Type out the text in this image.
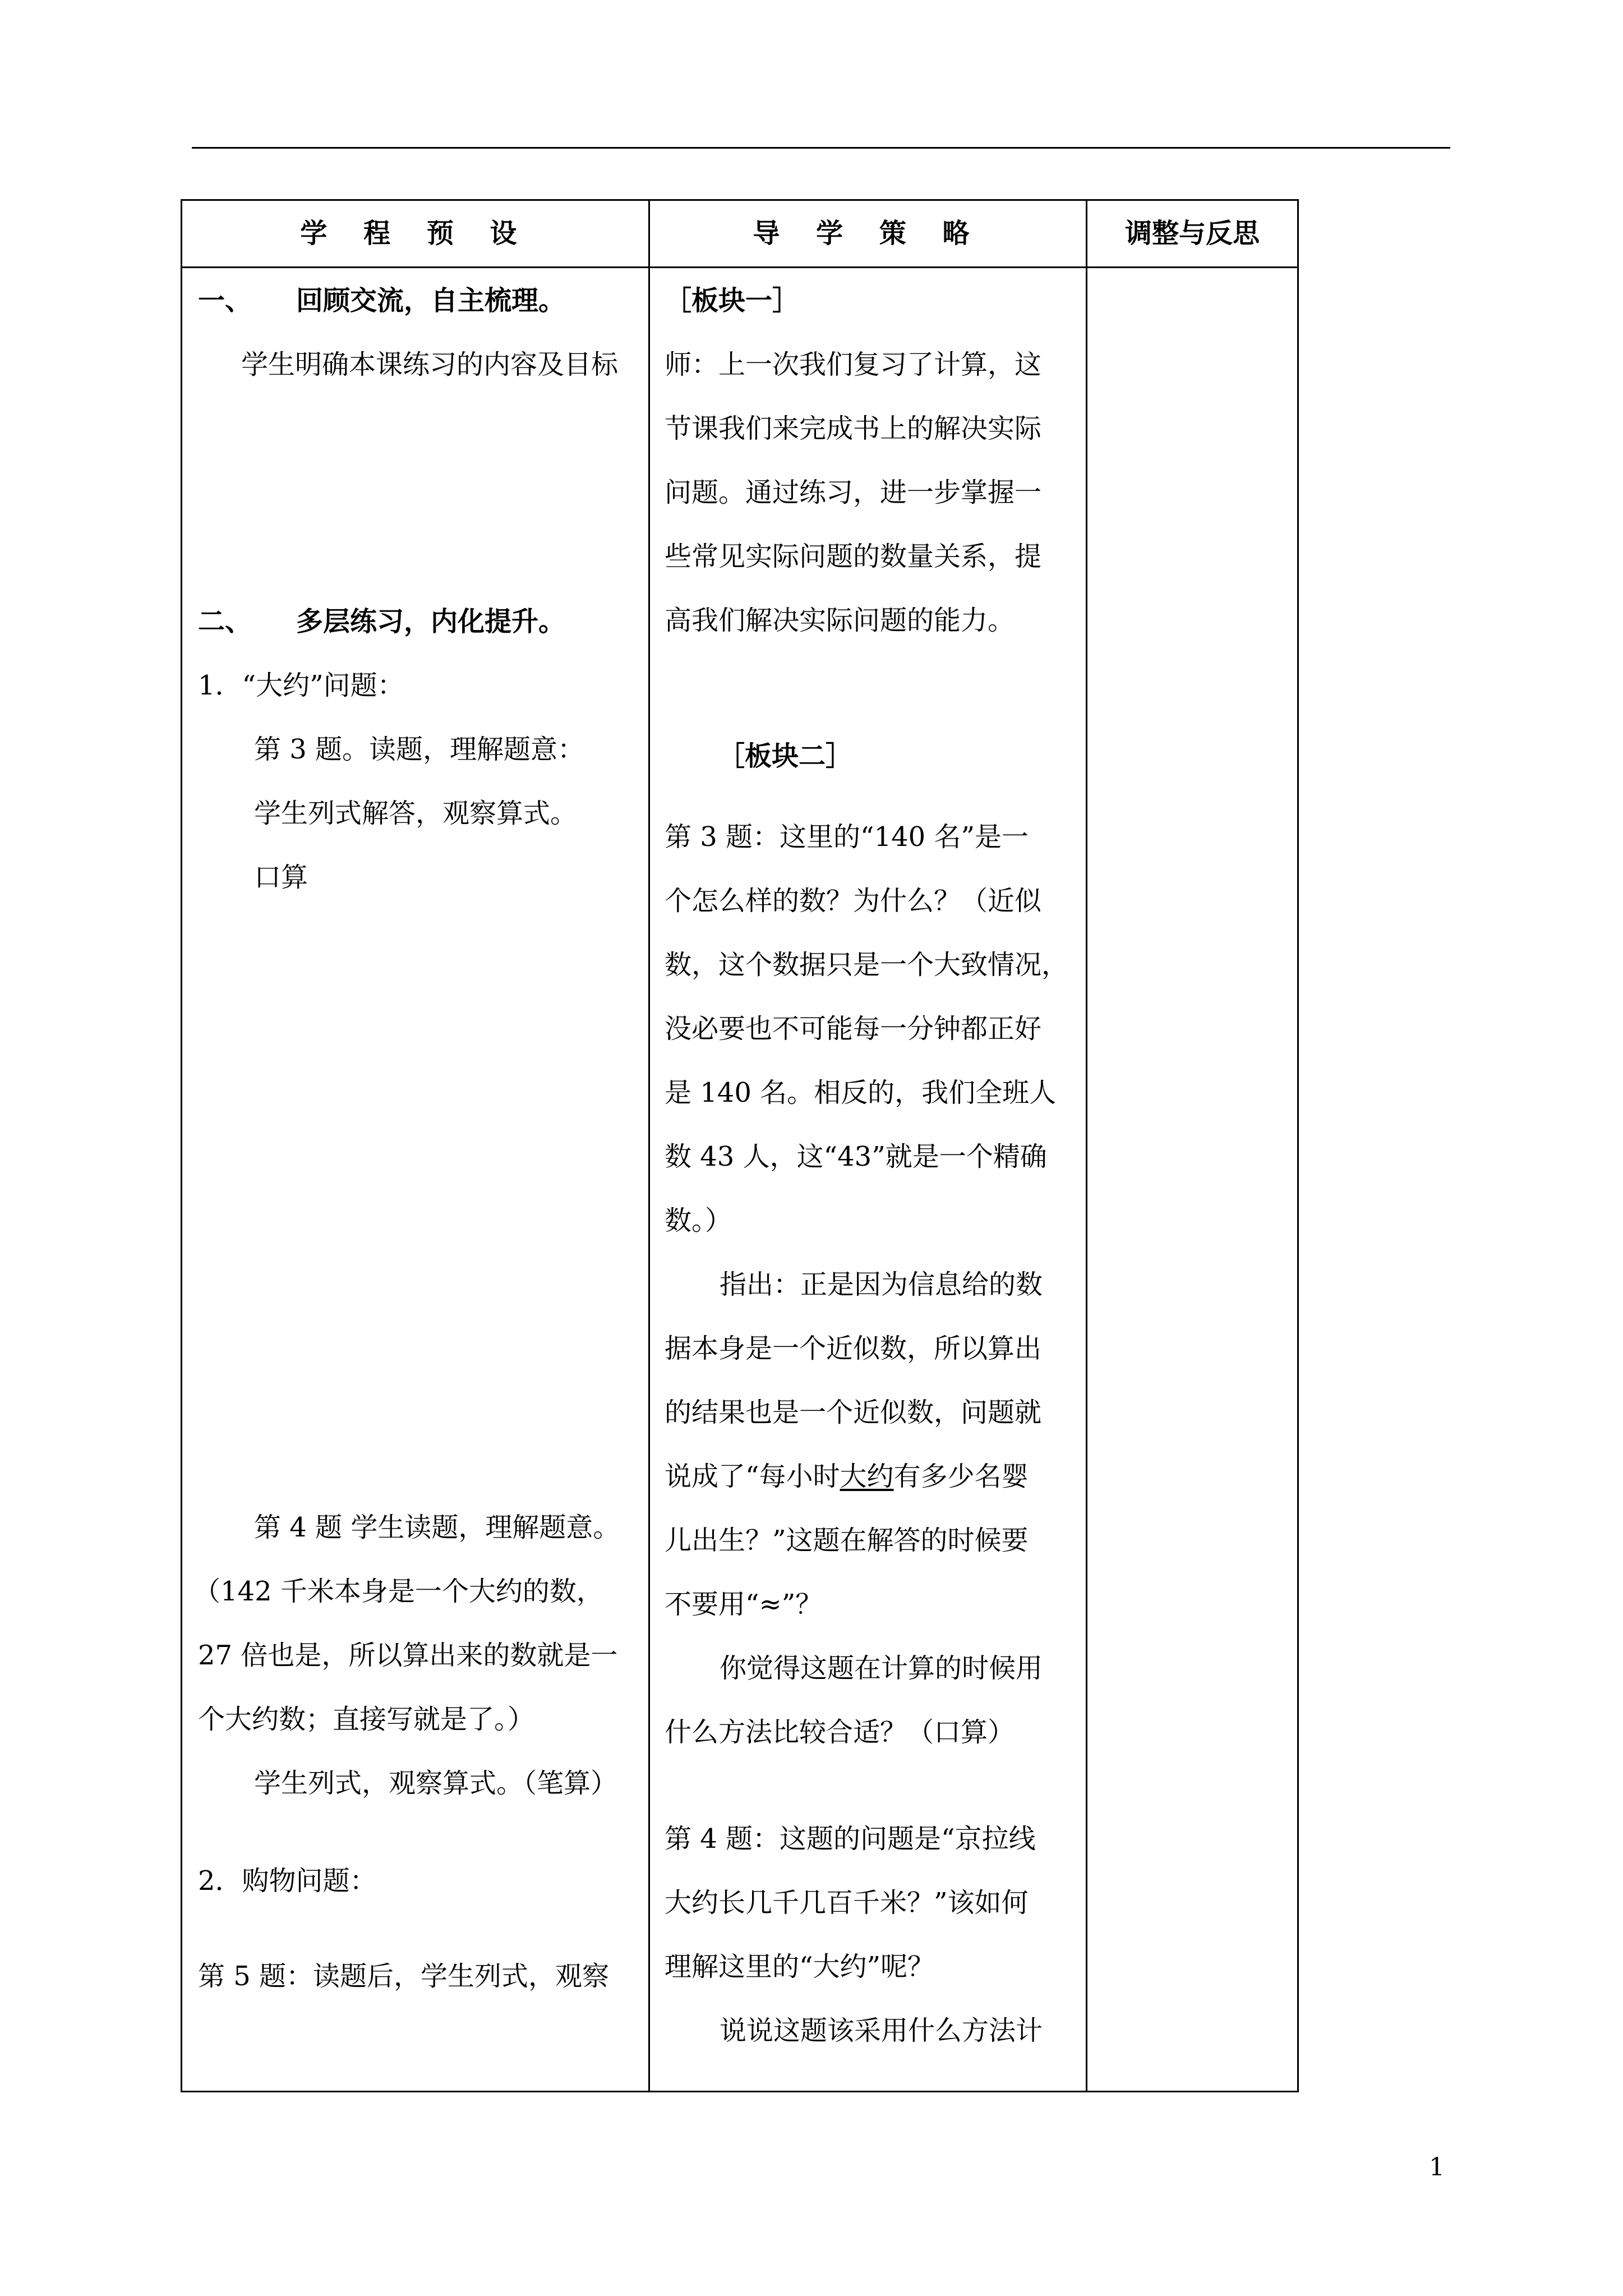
学 程 预 设	导 学 策 略	调整与反思
一、 回顾交流，自主梳理。
学生明确本课练习的内容及目标
二、 多层练习，内化提升。
1．“大约”问题：
第 3 题。读题，理解题意：
学生列式解答，观察算式。
口算
第 4 题 学生读题，理解题意。
（142 千米本身是一个大约的数，
27 倍也是，所以算出来的数就是一
个大约数；直接写就是了。）
学生列式，观察算式。（笔算）
2．购物问题：
第 5 题：读题后，学生列式，观察
［板块一］
师：上一次我们复习了计算，这
节课我们来完成书上的解决实际
问题。通过练习，进一步掌握一
些常见实际问题的数量关系，提
高我们解决实际问题的能力。
［板块二］
第 3 题：这里的“140 名”是一
个怎么样的数？为什么？（近似
数，这个数据只是一个大致情况，
没必要也不可能每一分钟都正好
是 140 名。相反的，我们全班人
数 43 人，这“43”就是一个精确
数。）
指出：正是因为信息给的数
据本身是一个近似数，所以算出
的结果也是一个近似数，问题就
说成了“每小时大约有多少名婴
儿出生？”这题在解答的时候要
不要用“≈”？
你觉得这题在计算的时候用
什么方法比较合适？（口算）
第 4 题：这题的问题是“京拉线
大约长几千几百千米？”该如何
理解这里的“大约”呢？
说说这题该采用什么方法计
1
